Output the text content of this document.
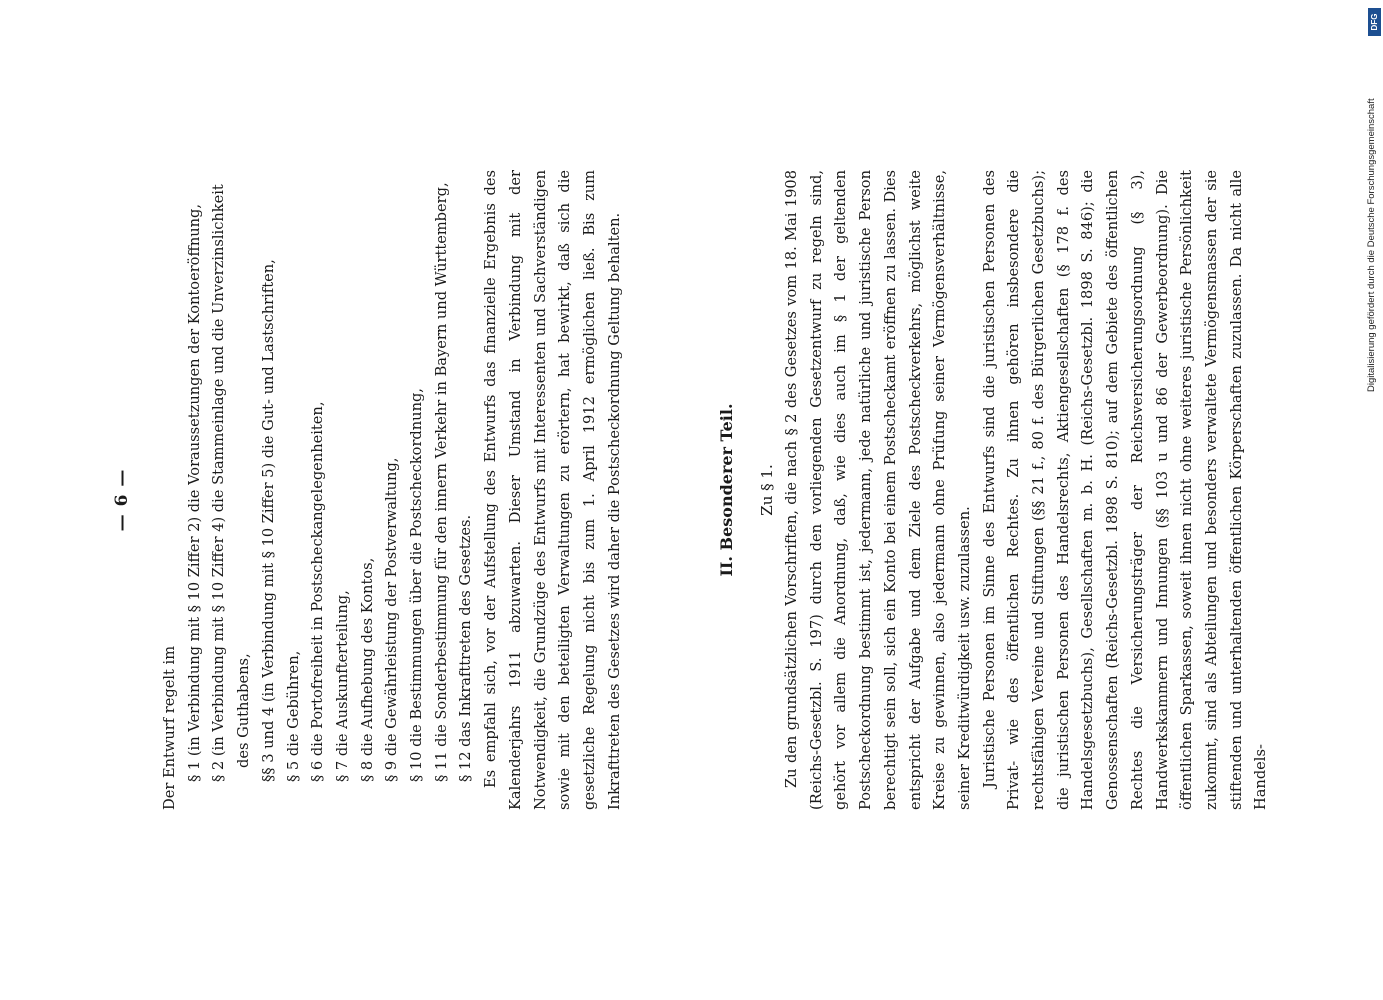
— 6 —
Der Entwurf regelt im § 1 (in Verbindung mit § 10 Ziffer 2) die Voraussetzungen der Kontoeröffnung, § 2 (in Verbindung mit § 10 Ziffer 4) die Stammeinlage und die Unverzinslichkeit des Guthabens, §§ 3 und 4 (in Verbindung mit § 10 Ziffer 5) die Gut- und Lastschriften, § 5 die Gebühren, § 6 die Portofreiheit in Postscheckangelegenheiten, § 7 die Auskunfterteilung, § 8 die Aufhebung des Kontos, § 9 die Gewährleistung der Postverwaltung, § 10 die Bestimmungen über die Postscheckordnung, § 11 die Sonderbestimmung für den innern Verkehr in Bayern und Württemberg, § 12 das Inkrafttreten des Gesetzes. Es empfahl sich, vor der Aufstellung des Entwurfs das finanzielle Ergebnis des Kalenderjahrs 1911 abzuwarten. Dieser Umstand in Verbindung mit der Notwendigkeit, die Grundzüge des Entwurfs mit Interessenten und Sachverständigen sowie mit den beteiligten Verwaltungen zu erörtern, hat bewirkt, daß sich die gesetzliche Regelung nicht bis zum 1. April 1912 ermöglichen ließ. Bis zum Inkrafttreten des Gesetzes wird daher die Postscheckordnung Geltung behalten.	II. Besonderer Teil. Zu § 1. Zu den grundsätzlichen Vorschriften, die nach § 2 des Gesetzes vom 18. Mai 1908 (Reichs-Gesetzbl. S. 197) durch den vorliegenden Gesetzentwurf zu regeln sind, gehört vor allem die Anordnung, daß, wie dies auch im § 1 der geltenden Postscheckordnung bestimmt ist, jedermann, jede natürliche und juristische Person berechtigt sein soll, sich ein Konto bei einem Postscheckamt eröffnen zu lassen. Dies entspricht der Aufgabe und dem Ziele des Postscheckverkehrs, möglichst weite Kreise zu gewinnen, also jedermann ohne Prüfung seiner Vermögensverhältnisse, seiner Kreditwürdigkeit usw. zuzulassen. Juristische Personen im Sinne des Entwurfs sind die juristischen Personen des Privat- wie des öffentlichen Rechtes. Zu ihnen gehören insbesondere die rechtsfähigen Vereine und Stiftungen (§§ 21 f., 80 f. des Bürgerlichen Gesetzbuchs); die juristischen Personen des Handelsrechts, Aktiengesellschaften (§ 178 f. des Handelsgesetzbuchs), Gesellschaften m. b. H. (Reichs-Gesetzbl. 1898 S. 846); die Genossenschaften (Reichs-Gesetzbl. 1898 S. 810); auf dem Gebiete des öffentlichen Rechtes die Versicherungsträger der Reichsversicherungsordnung (§ 3), Handwerkskammern und Innungen (§§ 103 u und 86 der Gewerbeordnung). Die öffentlichen Sparkassen, soweit ihnen nicht ohne weiteres juristische Persönlichkeit zukommt, sind als Abteilungen und besonders verwaltete Vermögensmassen der sie stiftenden und unterhaltenden öffentlichen Körperschaften zuzulassen. Da nicht alle Handels-
Digitalisierung gefördert durch die Deutsche Forschungsgemeinschaft
DFG
